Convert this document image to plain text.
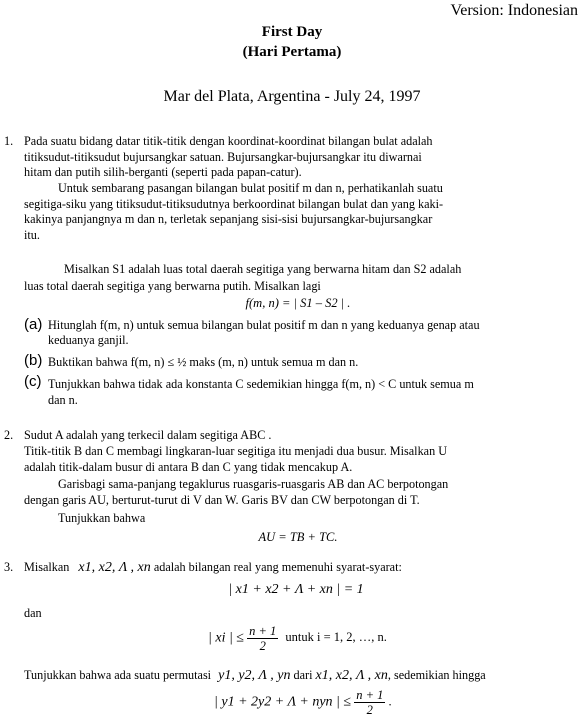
Version: Indonesian
First Day
(Hari Pertama)
Mar del Plata, Argentina - July 24, 1997
1. Pada suatu bidang datar titik-titik dengan koordinat-koordinat bilangan bulat adalah
titiksudut-titiksudut bujursangkar satuan. Bujursangkar-bujursangkar itu diwarnai
hitam dan putih silih-berganti (seperti pada papan-catur).
Untuk sembarang pasangan bilangan bulat positif m dan n, perhatikanlah suatu
segitiga-siku yang titiksudut-titiksudutnya berkoordinat bilangan bulat dan yang kaki-
kakinya panjangnya m dan n, terletak sepanjang sisi-sisi bujursangkar-bujursangkar
itu.
Misalkan S1 adalah luas total daerah segitiga yang berwarna hitam dan S2 adalah
luas total daerah segitiga yang berwarna putih. Misalkan lagi
f(m, n) = | S1 – S2 | .
(a) Hitunglah f(m, n) untuk semua bilangan bulat positif m dan n yang keduanya genap atau
keduanya ganjil.
(b) Buktikan bahwa f(m, n) ≤ ½ maks (m, n) untuk semua m dan n.
(c) Tunjukkan bahwa tidak ada konstanta C sedemikian hingga f(m, n) < C untuk semua m
dan n.
2. Sudut A adalah yang terkecil dalam segitiga ABC .
Titik-titik B dan C membagi lingkaran-luar segitiga itu menjadi dua busur. Misalkan U
adalah titik-dalam busur di antara B dan C yang tidak mencakup A.
Garisbagi sama-panjang tegaklurus ruasgaris-ruasgaris AB dan AC berpotongan
dengan garis AU, berturut-turut di V dan W. Garis BV dan CW berpotongan di T.
Tunjukkan bahwa
AU = TB + TC.
3. Misalkan x1, x2, Λ , xn adalah bilangan real yang memenuhi syarat-syarat:
| x1 + x2 + Λ + xn | = 1
dan
| xi | ≤ $\frac{n + 1}{2}$ untuk i = 1, 2, …, n.
Tunjukkan bahwa ada suatu permutasi y1, y2, Λ , yn dari x1, x2, Λ , xn, sedemikian hingga
| y1 + 2y2 + Λ + nyn | ≤ $\frac{n + 1}{2}$ .
